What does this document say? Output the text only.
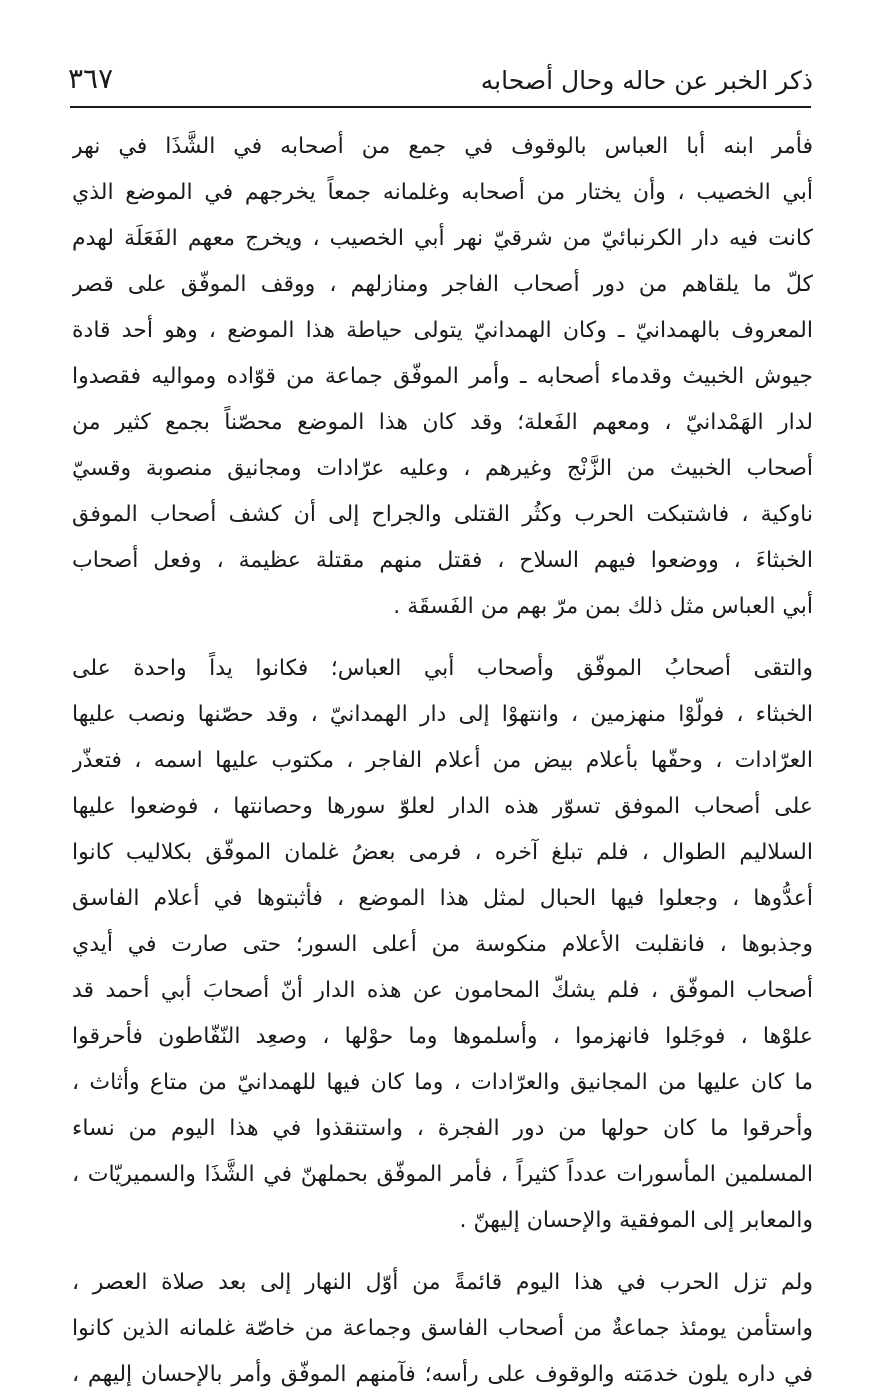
ذكر الخبر عن حاله وحال أصحابه
٣٦٧

فأمر ابنه أبا العباس بالوقوف في جمع من أصحابه في الشَّذَا في نهر
أبي الخصيب ، وأن يختار من أصحابه وغلمانه جمعاً يخرجهم في الموضع الذي
كانت فيه دار الكرنبائيّ من شرقيّ نهر أبي الخصيب ، ويخرج معهم الفَعَلَة لهدم
كلّ ما يلقاهم من دور أصحاب الفاجر ومنازلهم ، ووقف الموفّق على قصر
المعروف بالهمدانيّ ـ وكان الهمدانيّ يتولى حياطة هذا الموضع ، وهو أحد قادة
جيوش الخبيث وقدماء أصحابه ـ وأمر الموفّق جماعة من قوّاده ومواليه فقصدوا
لدار الهَمْدانيّ ، ومعهم الفَعلة؛ وقد كان هذا الموضع محصّناً بجمع كثير من
أصحاب الخبيث من الزَّنْج وغيرهم ، وعليه عرّادات ومجانيق منصوبة وقسيّ
ناوكية ، فاشتبكت الحرب وكثُر القتلى والجراح إلى أن كشف أصحاب الموفق
الخبثاءَ ، ووضعوا فيهم السلاح ، فقتل منهم مقتلة عظيمة ، وفعل أصحاب
أبي العباس مثل ذلك بمن مرّ بهم من الفَسقَة .

والتقى أصحابُ الموفّق وأصحاب أبي العباس؛ فكانوا يداً واحدة على
الخبثاء ، فولّوْا منهزمين ، وانتهوْا إلى دار الهمدانيّ ، وقد حصّنها ونصب عليها
العرّادات ، وحفّها بأعلام بيض من أعلام الفاجر ، مكتوب عليها اسمه ، فتعذّر
على أصحاب الموفق تسوّر هذه الدار لعلوّ سورها وحصانتها ، فوضعوا عليها
السلاليم الطوال ، فلم تبلغ آخره ، فرمى بعضُ غلمان الموفّق بكلاليب كانوا
أعدُّوها ، وجعلوا فيها الحبال لمثل هذا الموضع ، فأثبتوها في أعلام الفاسق
وجذبوها ، فانقلبت الأعلام منكوسة من أعلى السور؛ حتى صارت في أيدي
أصحاب الموفّق ، فلم يشكّ المحامون عن هذه الدار أنّ أصحابَ أبي أحمد قد
علوْها ، فوجَلوا فانهزموا ، وأسلموها وما حوْلها ، وصعِد النّفّاطون فأحرقوا
ما كان عليها من المجانيق والعرّادات ، وما كان فيها للهمدانيّ من متاع وأثاث ،
وأحرقوا ما كان حولها من دور الفجرة ، واستنقذوا في هذا اليوم من نساء
المسلمين المأسورات عدداً كثيراً ، فأمر الموفّق بحملهنّ في الشَّذَا والسميريّات ،
والمعابر إلى الموفقية والإحسان إليهنّ .

ولم تزل الحرب في هذا اليوم قائمةً من أوّل النهار إلى بعد صلاة العصر ،
واستأمن يومئذ جماعةٌ من أصحاب الفاسق وجماعة من خاصّة غلمانه الذين كانوا
في داره يلون خدمَته والوقوف على رأسه؛ فآمنهم الموفّق وأمر بالإحسان إليهم ،
